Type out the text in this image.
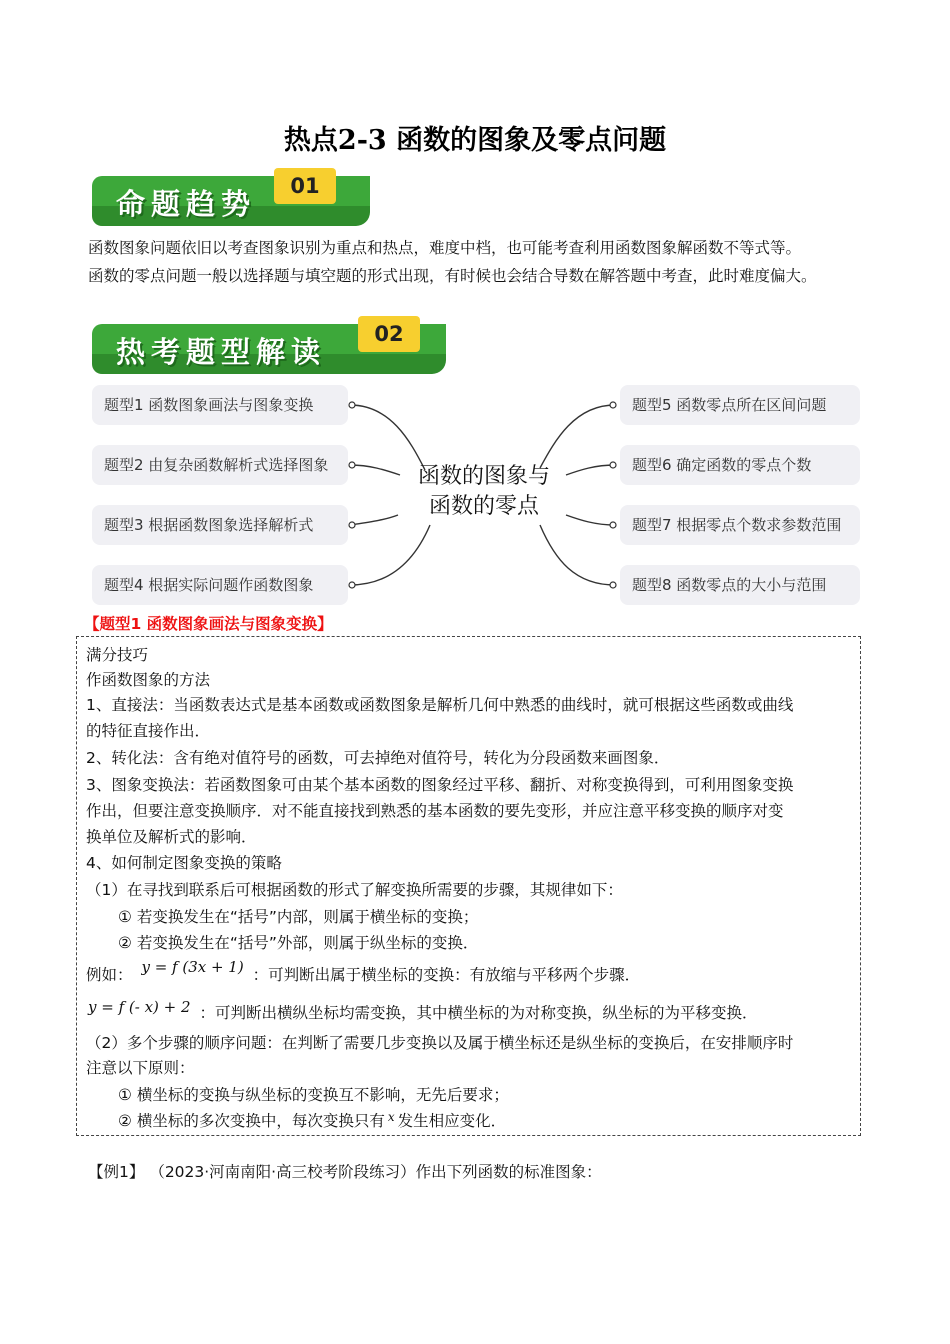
热点2-3 函数的图象及零点问题
命题趋势
01
函数图象问题依旧以考查图象识别为重点和热点，难度中档，也可能考查利用函数图象解函数不等式等。
函数的零点问题一般以选择题与填空题的形式出现，有时候也会结合导数在解答题中考查，此时难度偏大。
热考题型解读
02
题型1 函数图象画法与图象变换
题型2 由复杂函数解析式选择图象
题型3 根据函数图象选择解析式
题型4 根据实际问题作函数图象
题型5 函数零点所在区间问题
题型6 确定函数的零点个数
题型7 根据零点个数求参数范围
题型8 函数零点的大小与范围
函数的图象与
函数的零点
【题型1 函数图象画法与图象变换】
满分技巧
作函数图象的方法
1、直接法：当函数表达式是基本函数或函数图象是解析几何中熟悉的曲线时，就可根据这些函数或曲线
的特征直接作出．
2、转化法：含有绝对值符号的函数，可去掉绝对值符号，转化为分段函数来画图象．
3、图象变换法：若函数图象可由某个基本函数的图象经过平移、翻折、对称变换得到，可利用图象变换
作出，但要注意变换顺序．对不能直接找到熟悉的基本函数的要先变形，并应注意平移变换的顺序对变
换单位及解析式的影响．
4、如何制定图象变换的策略
（1）在寻找到联系后可根据函数的形式了解变换所需要的步骤，其规律如下：
① 若变换发生在“括号”内部，则属于横坐标的变换；
② 若变换发生在“括号”外部，则属于纵坐标的变换．
例如： y = f (3x + 1) ：可判断出属于横坐标的变换：有放缩与平移两个步骤．
y = f (- x) + 2 ：可判断出横纵坐标均需变换，其中横坐标的为对称变换，纵坐标的为平移变换．
（2）多个步骤的顺序问题：在判断了需要几步变换以及属于横坐标还是纵坐标的变换后，在安排顺序时
注意以下原则：
① 横坐标的变换与纵坐标的变换互不影响，无先后要求；
② 横坐标的多次变换中，每次变换只有 $^x$ 发生相应变化．
【例1】 （2023·河南南阳·高三校考阶段练习）作出下列函数的标准图象：
